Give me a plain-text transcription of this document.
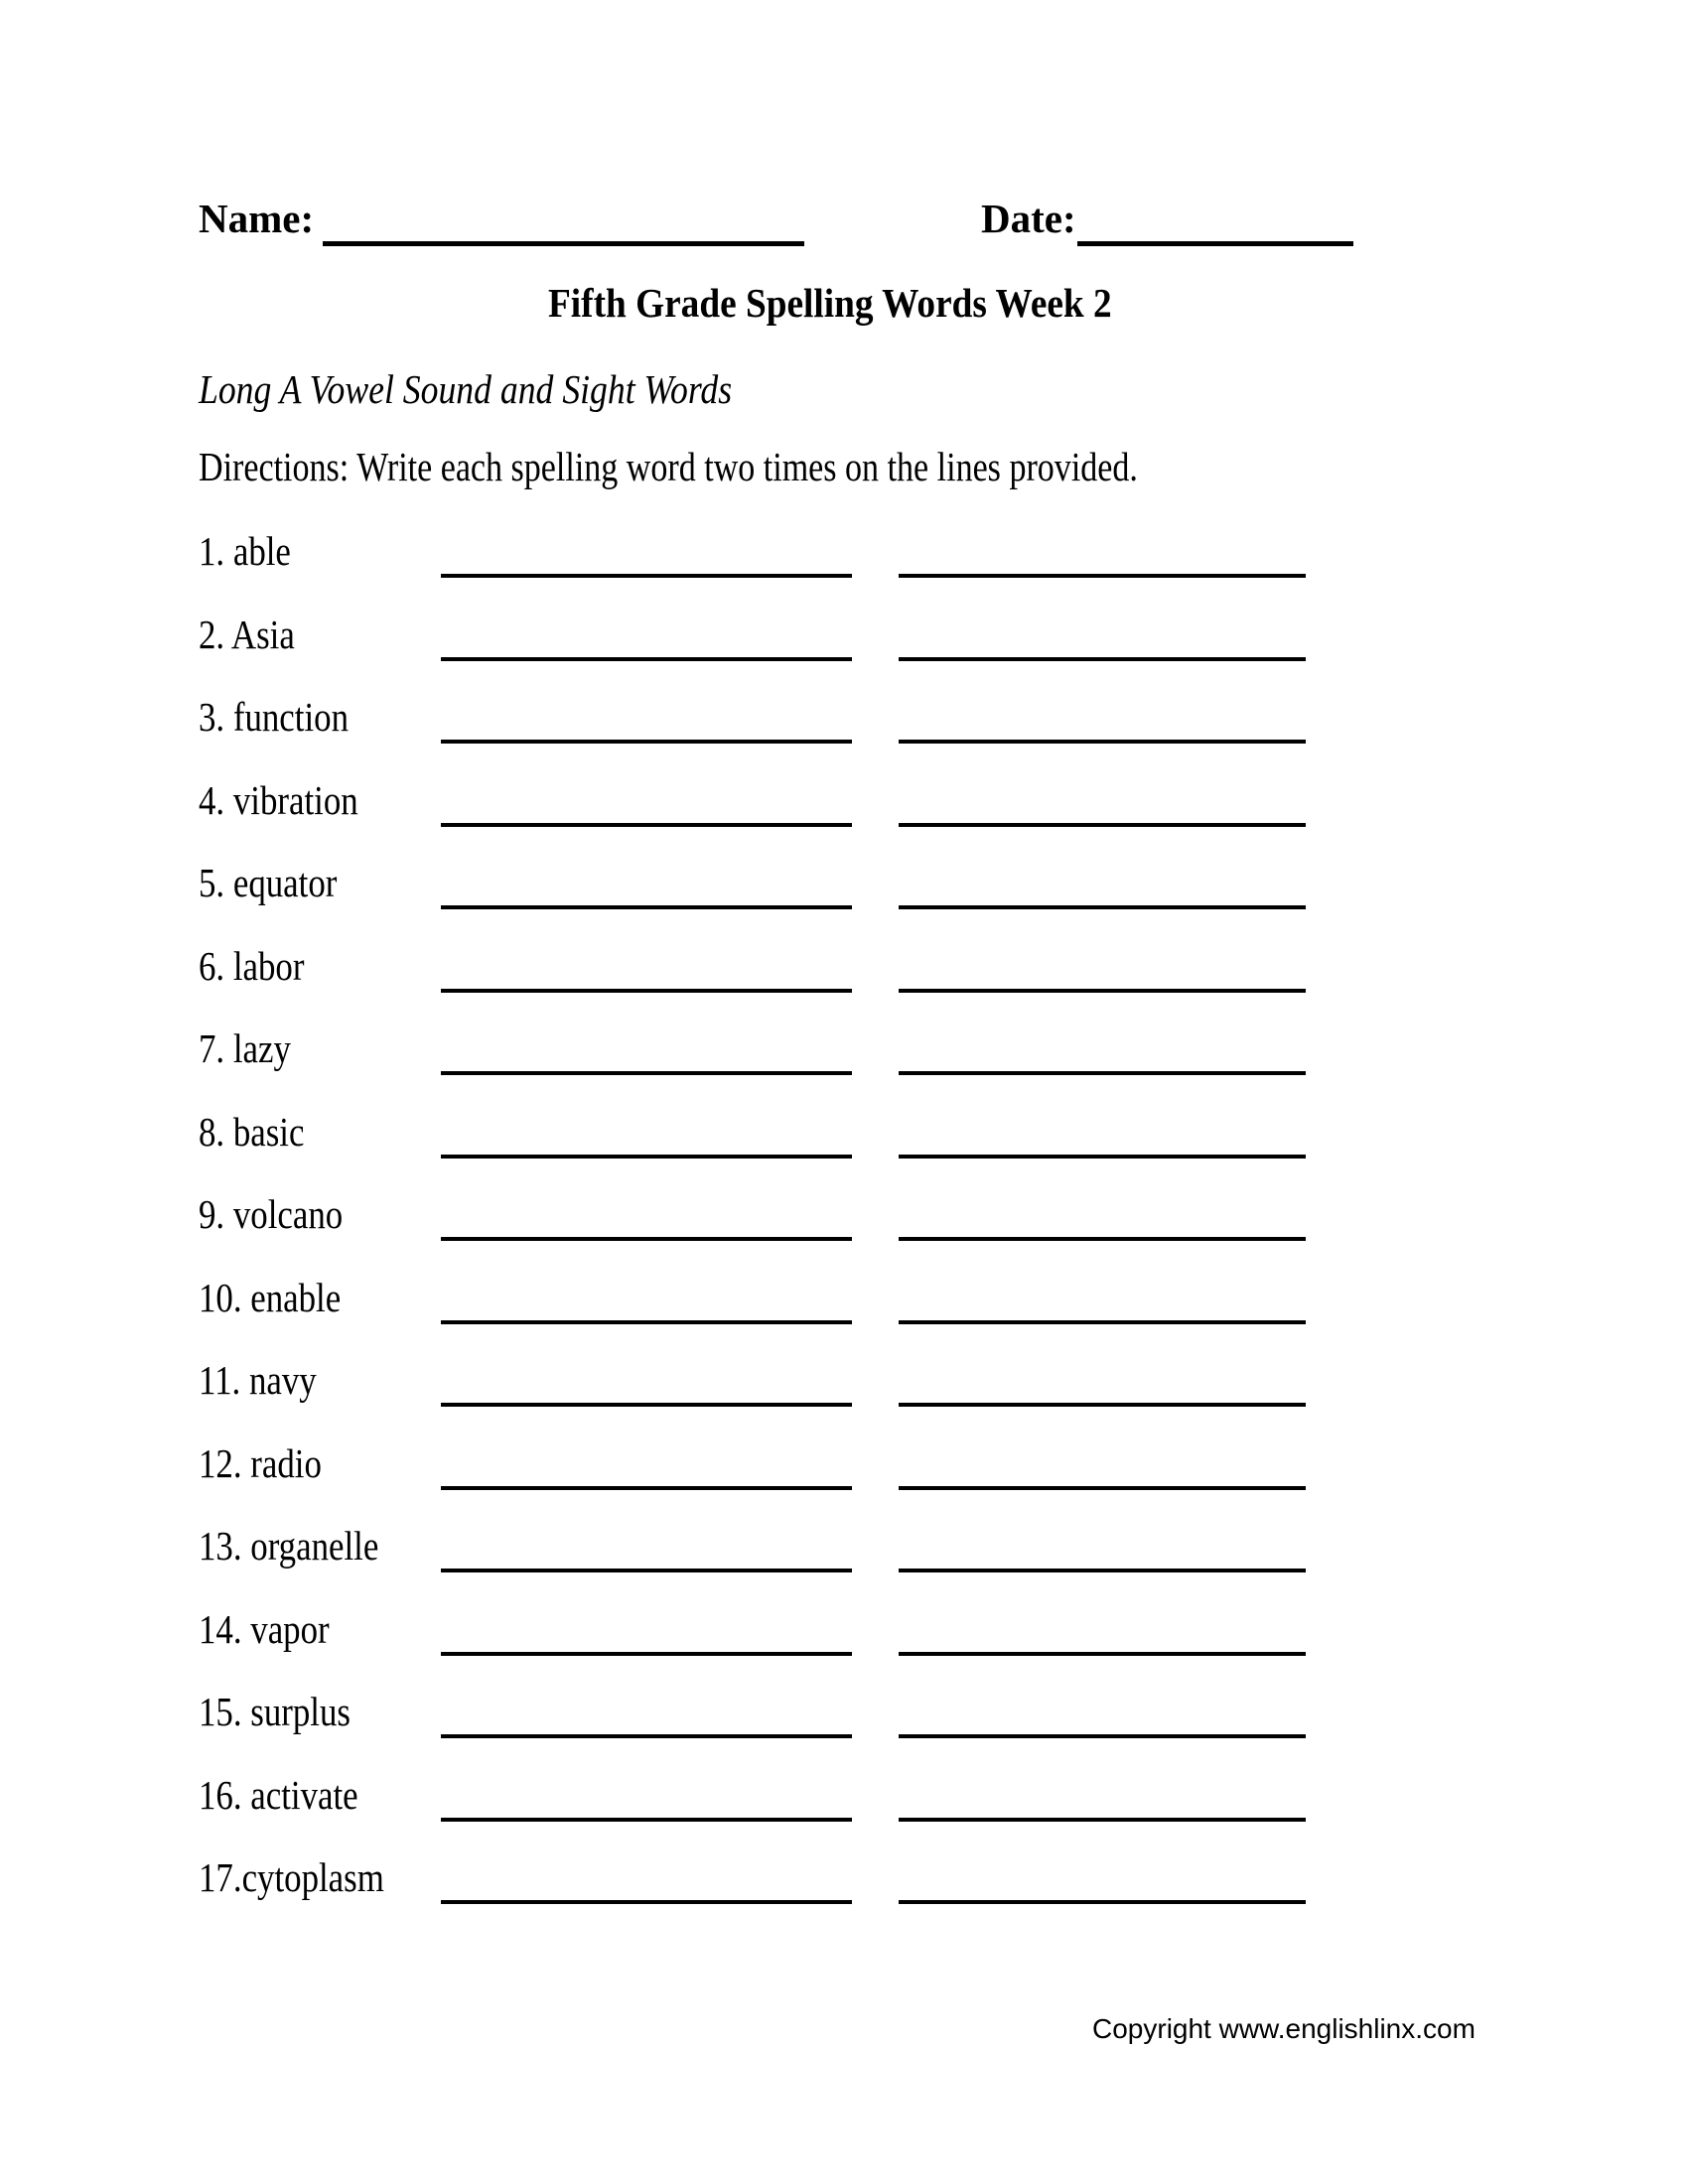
Name:	Date:
Fifth Grade Spelling Words Week 2
Long A Vowel Sound and Sight Words
Directions: Write each spelling word two times on the lines provided.
1. able
2. Asia
3. function
4. vibration
5. equator
6. labor
7. lazy
8. basic
9. volcano
10. enable
11. navy
12. radio
13. organelle
14. vapor
15. surplus
16. activate
17.cytoplasm
Copyright www.englishlinx.com
